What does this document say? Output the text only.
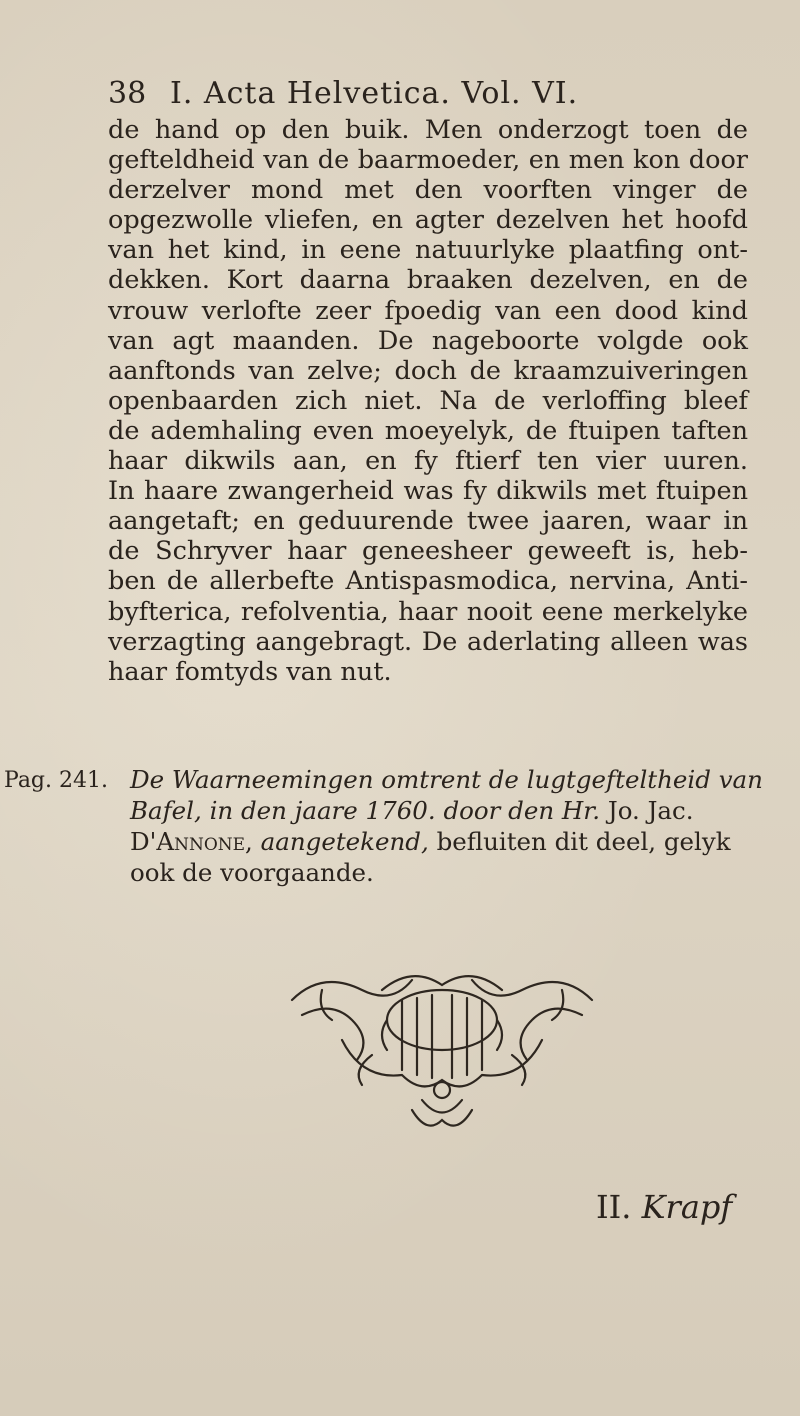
38 I. Acta Helvetica. Vol. VI.
de hand op den buik. Men onderzogt toen de
gefteldheid van de baarmoeder, en men kon door
derzelver mond met den voorften vinger de
opgezwolle vliefen, en agter dezelven het hoofd
van het kind, in eene natuurlyke plaatfing ont-
dekken. Kort daarna braaken dezelven, en de
vrouw verlofte zeer fpoedig van een dood kind
van agt maanden. De nageboorte volgde ook
aanftonds van zelve; doch de kraamzuiveringen
openbaarden zich niet. Na de verloffing bleef
de ademhaling even moeyelyk, de ftuipen taften
haar dikwils aan, en fy ftierf ten vier uuren.
In haare zwangerheid was fy dikwils met ftuipen
aangetaft; en geduurende twee jaaren, waar in
de Schryver haar geneesheer geweeft is, heb-
ben de allerbefte Antispasmodica, nervina, Anti-
byfterica, refolventia, haar nooit eene merkelyke
verzagting aangebragt. De aderlating alleen was
haar fomtyds van nut.
Pag. 241. De Waarneemingen omtrent de lugtgefteltheid van
Bafel, in den jaare 1760. door den Hr. Jo. Jac.
D'Annone, aangetekend, befluiten dit deel, gelyk
ook de voorgaande.
II. Krapf
